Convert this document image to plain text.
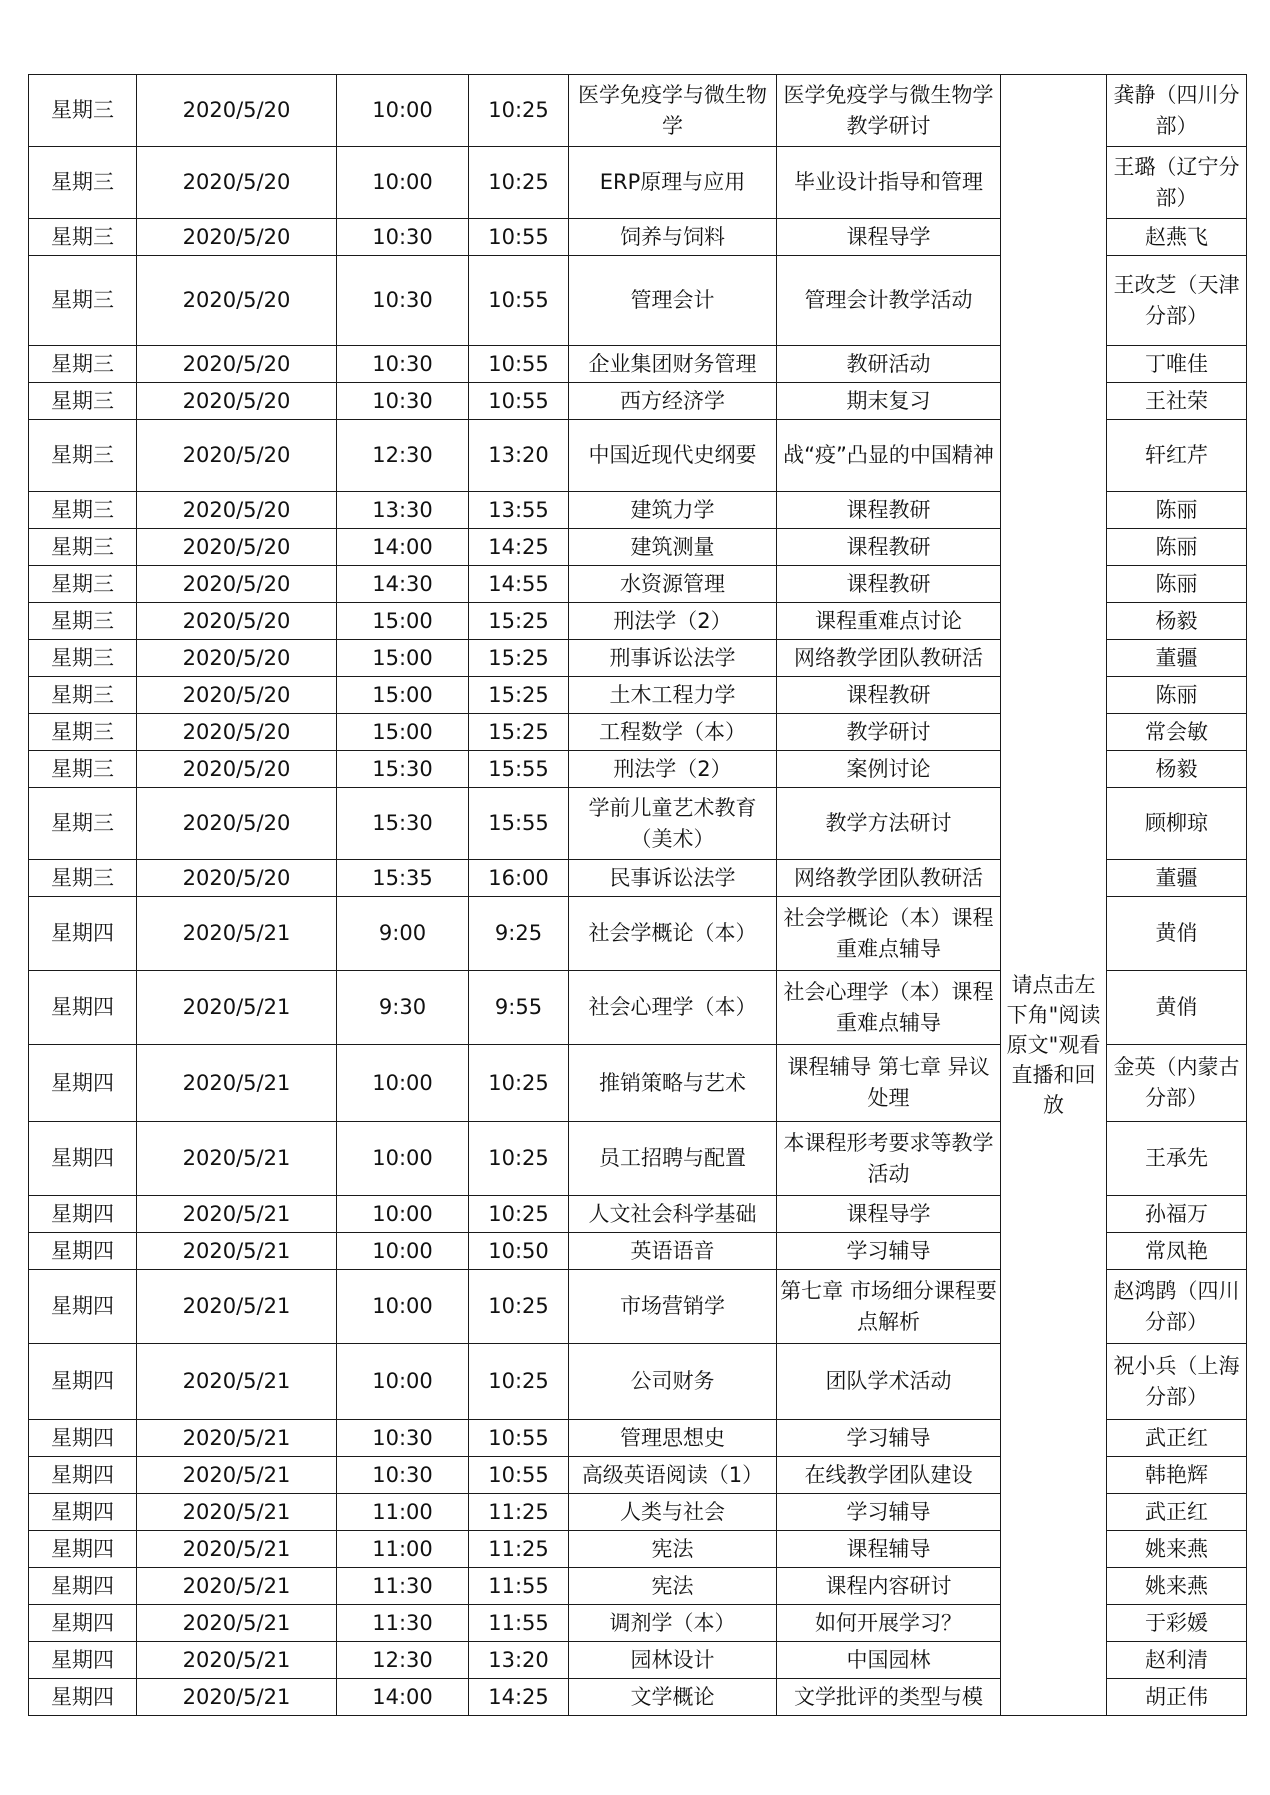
星期三	2020/5/20	10:00	10:25	医学免疫学与微生物学	医学免疫学与微生物学教学研讨	请点击左下角"阅读原文"观看直播和回放	龚静（四川分部）
星期三	2020/5/20	10:00	10:25	ERP原理与应用	毕业设计指导和管理		王璐（辽宁分部）
星期三	2020/5/20	10:30	10:55	饲养与饲料	课程导学		赵燕飞
星期三	2020/5/20	10:30	10:55	管理会计	管理会计教学活动		王改芝（天津分部）
星期三	2020/5/20	10:30	10:55	企业集团财务管理	教研活动		丁唯佳
星期三	2020/5/20	10:30	10:55	西方经济学	期末复习		王社荣
星期三	2020/5/20	12:30	13:20	中国近现代史纲要	战“疫”凸显的中国精神		轩红芹
星期三	2020/5/20	13:30	13:55	建筑力学	课程教研		陈丽
星期三	2020/5/20	14:00	14:25	建筑测量	课程教研		陈丽
星期三	2020/5/20	14:30	14:55	水资源管理	课程教研		陈丽
星期三	2020/5/20	15:00	15:25	刑法学（2）	课程重难点讨论		杨毅
星期三	2020/5/20	15:00	15:25	刑事诉讼法学	网络教学团队教研活		董疆
星期三	2020/5/20	15:00	15:25	土木工程力学	课程教研		陈丽
星期三	2020/5/20	15:00	15:25	工程数学（本）	教学研讨		常会敏
星期三	2020/5/20	15:30	15:55	刑法学（2）	案例讨论		杨毅
星期三	2020/5/20	15:30	15:55	学前儿童艺术教育（美术）	教学方法研讨		顾柳琼
星期三	2020/5/20	15:35	16:00	民事诉讼法学	网络教学团队教研活		董疆
星期四	2020/5/21	9:00	9:25	社会学概论（本）	社会学概论（本）课程重难点辅导		黄俏
星期四	2020/5/21	9:30	9:55	社会心理学（本）	社会心理学（本）课程重难点辅导		黄俏
星期四	2020/5/21	10:00	10:25	推销策略与艺术	课程辅导 第七章 异议处理		金英（内蒙古分部）
星期四	2020/5/21	10:00	10:25	员工招聘与配置	本课程形考要求等教学活动		王承先
星期四	2020/5/21	10:00	10:25	人文社会科学基础	课程导学		孙福万
星期四	2020/5/21	10:00	10:50	英语语音	学习辅导		常凤艳
星期四	2020/5/21	10:00	10:25	市场营销学	第七章 市场细分课程要点解析		赵鸿鹍（四川分部）
星期四	2020/5/21	10:00	10:25	公司财务	团队学术活动		祝小兵（上海分部）
星期四	2020/5/21	10:30	10:55	管理思想史	学习辅导		武正红
星期四	2020/5/21	10:30	10:55	高级英语阅读（1）	在线教学团队建设		韩艳辉
星期四	2020/5/21	11:00	11:25	人类与社会	学习辅导		武正红
星期四	2020/5/21	11:00	11:25	宪法	课程辅导		姚来燕
星期四	2020/5/21	11:30	11:55	宪法	课程内容研讨		姚来燕
星期四	2020/5/21	11:30	11:55	调剂学（本）	如何开展学习？		于彩媛
星期四	2020/5/21	12:30	13:20	园林设计	中国园林		赵利清
星期四	2020/5/21	14:00	14:25	文学概论	文学批评的类型与模		胡正伟
